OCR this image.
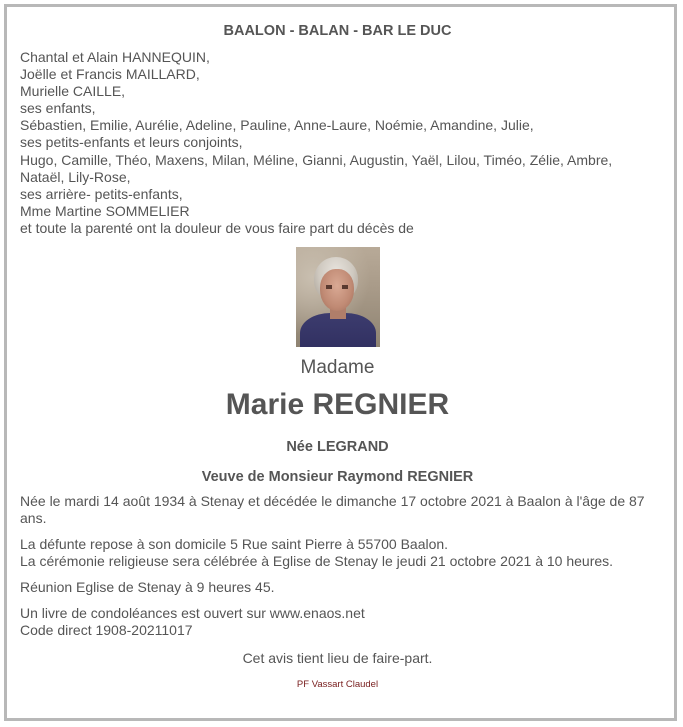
BAALON - BALAN - BAR LE DUC
Chantal et Alain HANNEQUIN,
Joëlle et Francis MAILLARD,
Murielle CAILLE,
ses enfants,
Sébastien, Emilie, Aurélie, Adeline, Pauline, Anne-Laure, Noémie, Amandine, Julie,
ses petits-enfants et leurs conjoints,
Hugo, Camille, Théo, Maxens, Milan, Méline, Gianni, Augustin, Yaël, Lilou, Timéo, Zélie, Ambre,
Nataël, Lily-Rose,
ses arrière- petits-enfants,
Mme Martine SOMMELIER
et toute la parenté ont la douleur de vous faire part du décès de
Madame
Marie REGNIER
Née LEGRAND
Veuve de Monsieur Raymond REGNIER
Née le mardi 14 août 1934 à Stenay et décédée le dimanche 17 octobre 2021 à Baalon à l'âge de 87 ans.
La défunte repose à son domicile 5 Rue saint Pierre à 55700 Baalon.
La cérémonie religieuse sera célébrée à Eglise de Stenay le jeudi 21 octobre 2021 à 10 heures.
Réunion Eglise de Stenay à 9 heures 45.
Un livre de condoléances est ouvert sur www.enaos.net
Code direct 1908-20211017
Cet avis tient lieu de faire-part.
PF Vassart Claudel
